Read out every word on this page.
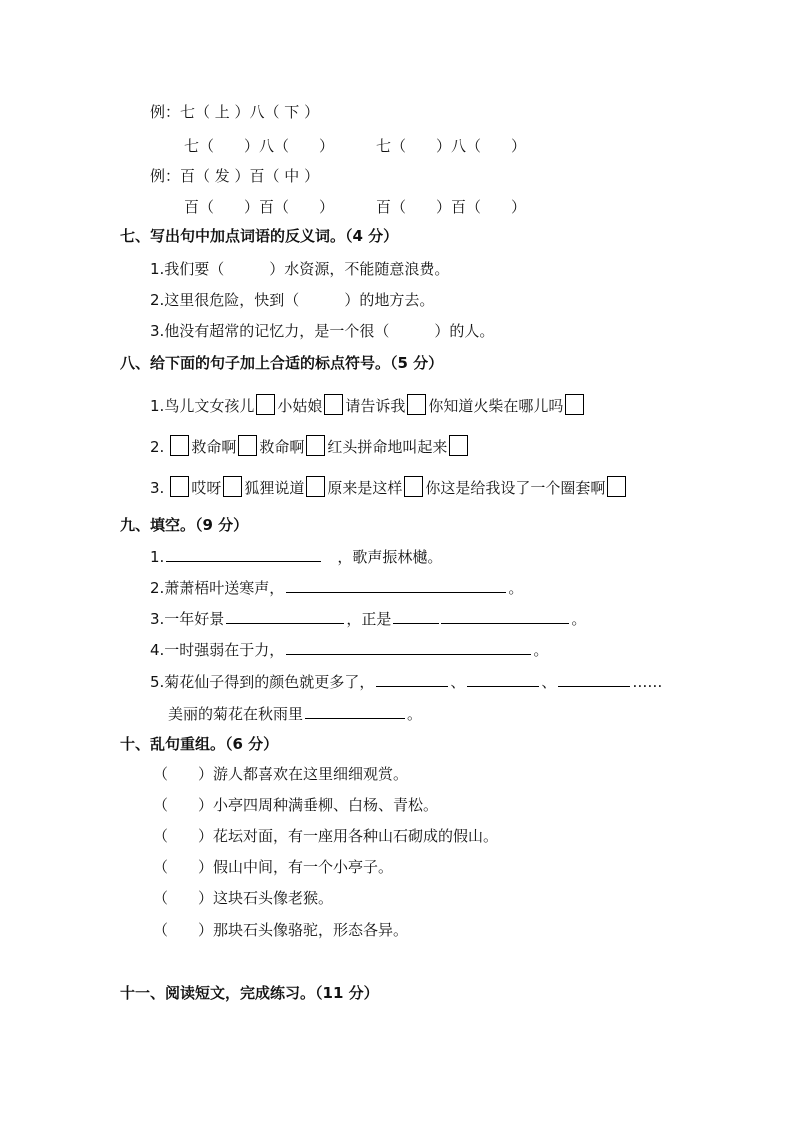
例：七（ 上 ）八（ 下 ）
七（　　）八（　　）	七（　　）八（　　）
例：百（ 发 ）百（ 中 ）
百（　　）百（　　）	百（　　）百（　　）
七、写出句中加点词语的反义词。（4 分）
1.我们要（　　　）水资源，不能随意浪费。
2.这里很危险，快到（　　　）的地方去。
3.他没有超常的记忆力，是一个很（　　　）的人。
八、给下面的句子加上合适的标点符号。（5 分）
1.鸟儿文女孩儿 小姑娘 请告诉我 你知道火柴在哪儿吗
2. 救命啊 救命啊 红头拼命地叫起来
3. 哎呀 狐狸说道 原来是这样 你这是给我设了一个圈套啊
九、填空。（9 分）
1.	，歌声振林樾。
2.萧萧梧叶送寒声，	。
3.一年好景	，正是	。
4.一时强弱在于力，	。
5.菊花仙子得到的颜色就更多了，	、	、	……
美丽的菊花在秋雨里	。
十、乱句重组。（6 分）
（　　）游人都喜欢在这里细细观赏。
（　　）小亭四周种满垂柳、白杨、青松。
（　　）花坛对面，有一座用各种山石砌成的假山。
（　　）假山中间，有一个小亭子。
（　　）这块石头像老猴。
（　　）那块石头像骆驼，形态各异。
十一、阅读短文，完成练习。（11 分）
